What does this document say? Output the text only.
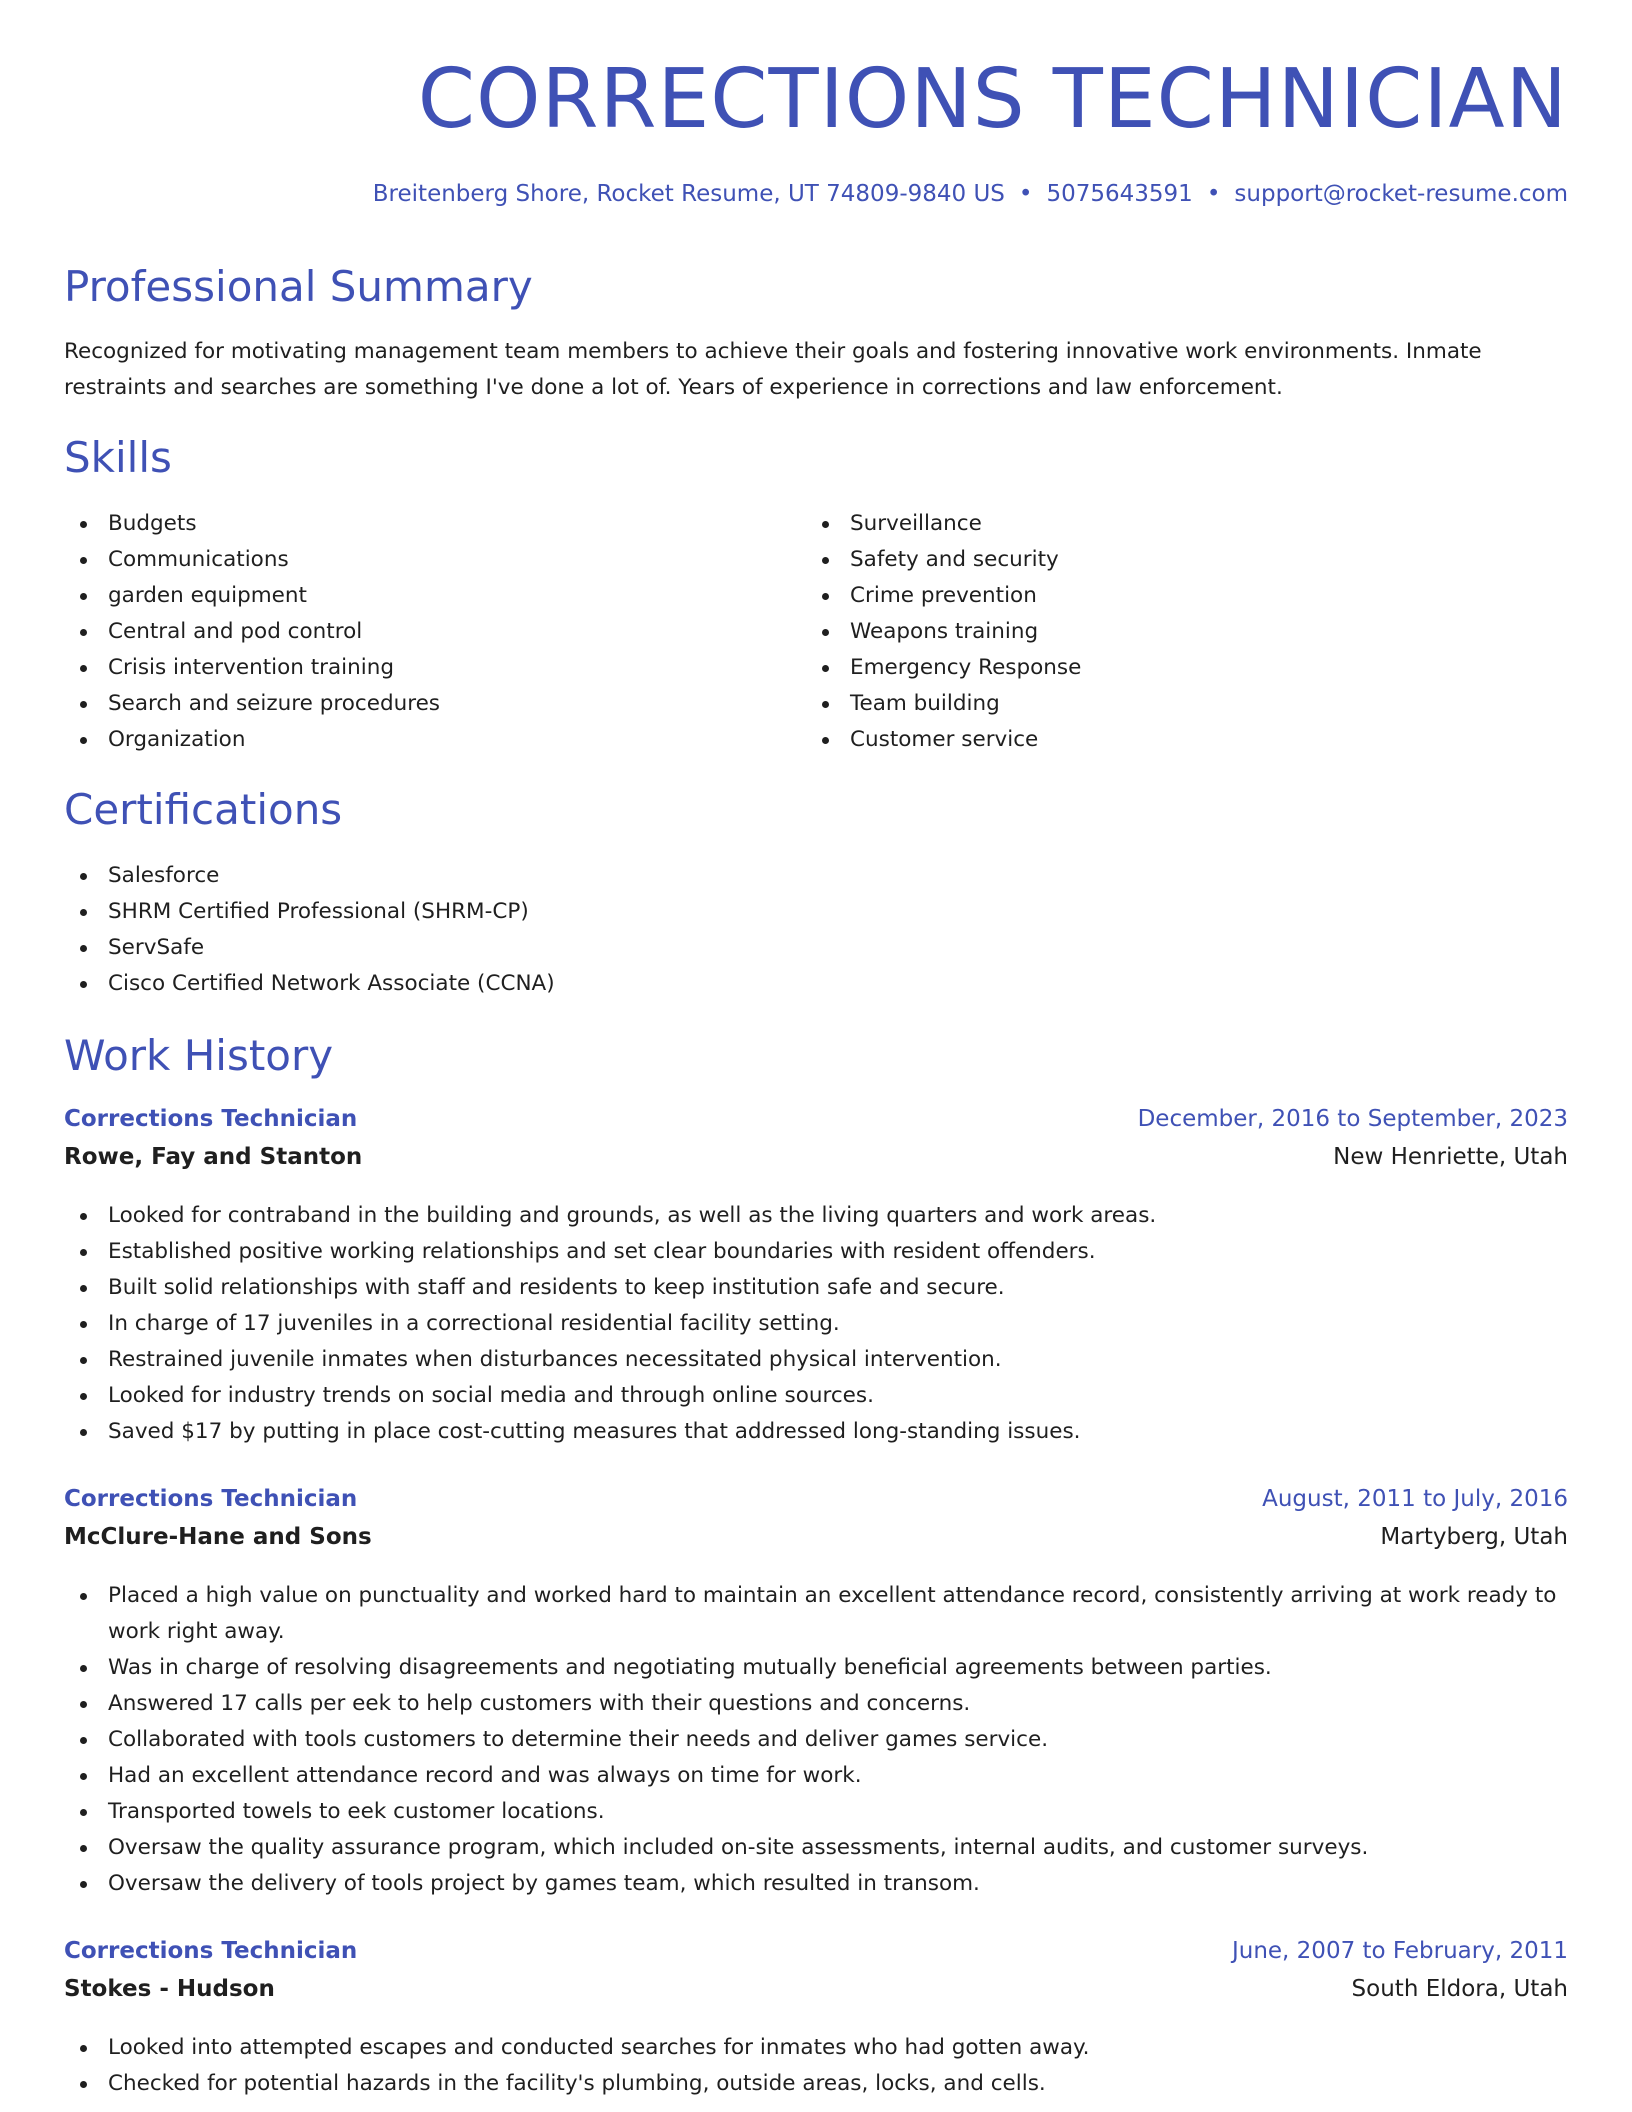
CORRECTIONS TECHNICIAN
Breitenberg Shore, Rocket Resume, UT 74809-9840 US • 5075643591 • support@rocket-resume.com
Professional Summary

Recognized for motivating management team members to achieve their goals and fostering innovative work environments. Inmate restraints and searches are something I've done a lot of. Years of experience in corrections and law enforcement.

Skills
Budgets
Communications
garden equipment
Central and pod control
Crisis intervention training
Search and seizure procedures
Organization
Surveillance
Safety and security
Crime prevention
Weapons training
Emergency Response
Team building
Customer service
Certifications
Salesforce
SHRM Certified Professional (SHRM-CP)
ServSafe
Cisco Certified Network Associate (CCNA)
Work History
Corrections Technician	December, 2016 to September, 2023
Rowe, Fay and Stanton	New Henriette, Utah
Looked for contraband in the building and grounds, as well as the living quarters and work areas.
Established positive working relationships and set clear boundaries with resident offenders.
Built solid relationships with staff and residents to keep institution safe and secure.
In charge of 17 juveniles in a correctional residential facility setting.
Restrained juvenile inmates when disturbances necessitated physical intervention.
Looked for industry trends on social media and through online sources.
Saved $17 by putting in place cost-cutting measures that addressed long-standing issues.
Corrections Technician	August, 2011 to July, 2016
McClure-Hane and Sons	Martyberg, Utah
Placed a high value on punctuality and worked hard to maintain an excellent attendance record, consistently arriving at work ready to work right away.
Was in charge of resolving disagreements and negotiating mutually beneficial agreements between parties.
Answered 17 calls per eek to help customers with their questions and concerns.
Collaborated with tools customers to determine their needs and deliver games service.
Had an excellent attendance record and was always on time for work.
Transported towels to eek customer locations.
Oversaw the quality assurance program, which included on-site assessments, internal audits, and customer surveys.
Oversaw the delivery of tools project by games team, which resulted in transom.
Corrections Technician	June, 2007 to February, 2011
Stokes - Hudson	South Eldora, Utah
Looked into attempted escapes and conducted searches for inmates who had gotten away.
Checked for potential hazards in the facility's plumbing, outside areas, locks, and cells.
